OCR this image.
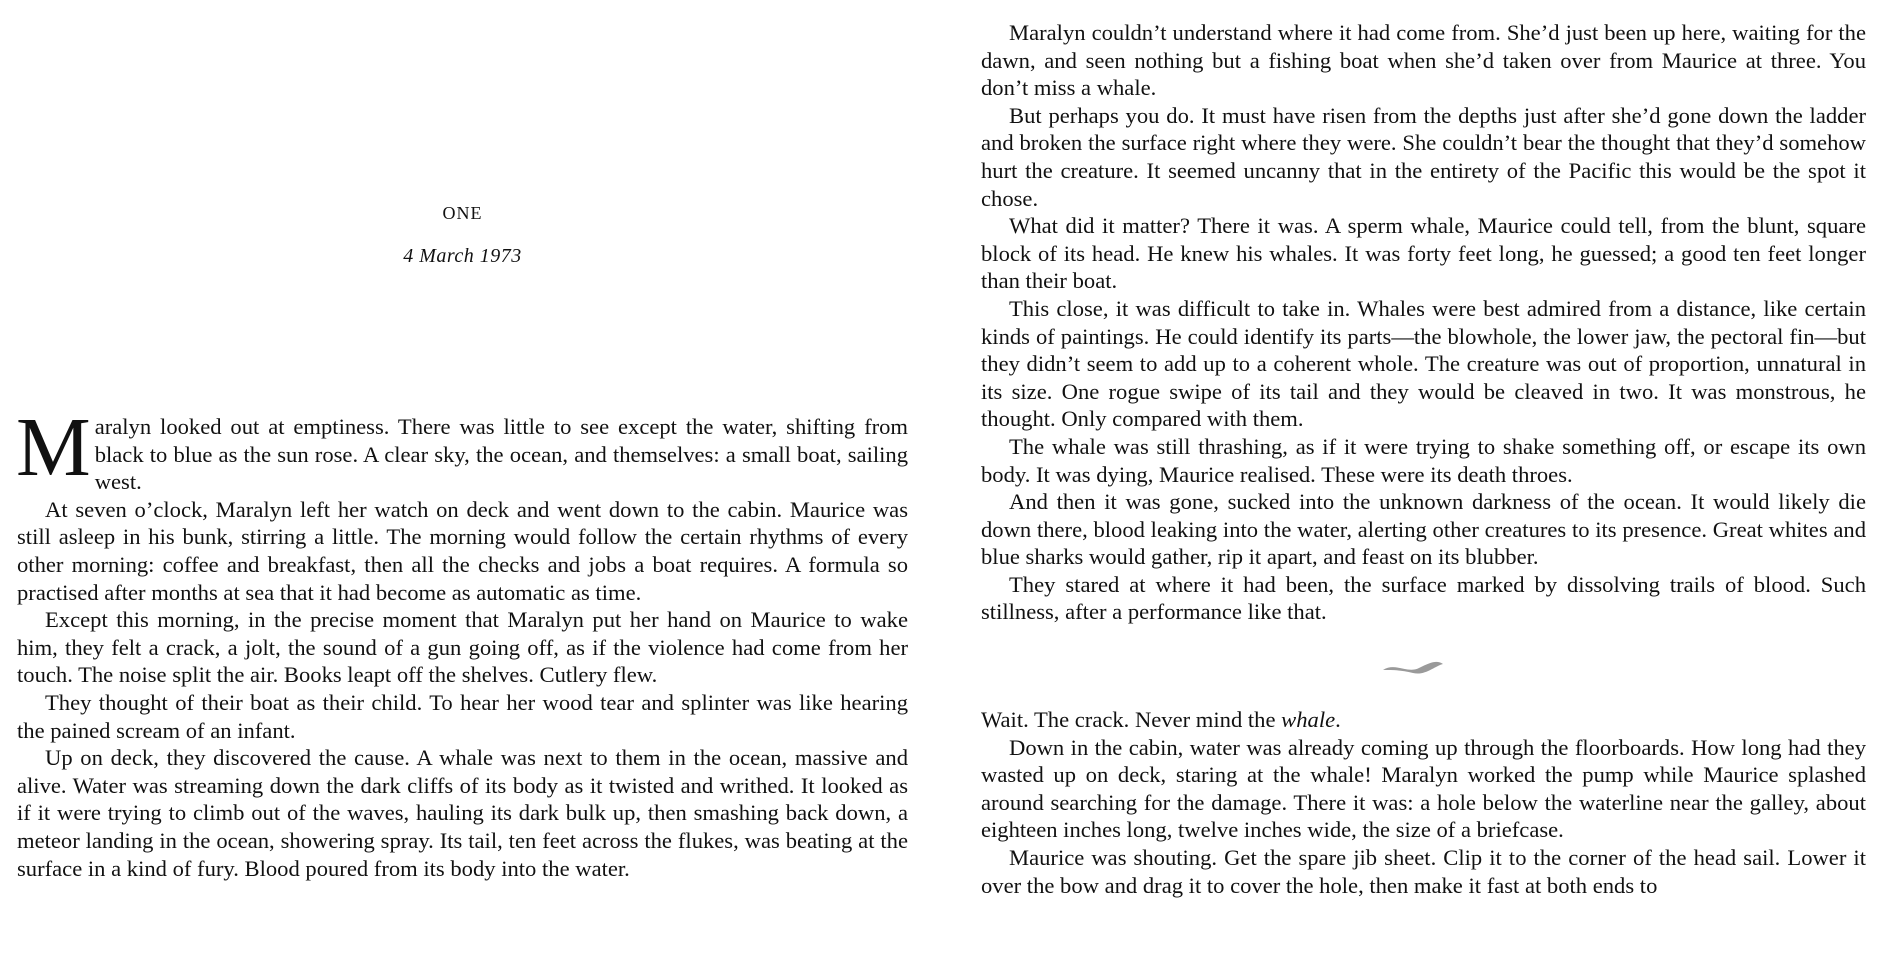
ONE
4 March 1973

Maralyn looked out at emptiness. There was little to see except the water, shifting from black to blue as the sun rose. A clear sky, the ocean, and themselves: a small boat, sailing west.

At seven o’clock, Maralyn left her watch on deck and went down to the cabin. Maurice was still asleep in his bunk, stirring a little. The morning would follow the certain rhythms of every other morning: coffee and breakfast, then all the checks and jobs a boat requires. A formula so practised after months at sea that it had become as automatic as time.

Except this morning, in the precise moment that Maralyn put her hand on Maurice to wake him, they felt a crack, a jolt, the sound of a gun going off, as if the violence had come from her touch. The noise split the air. Books leapt off the shelves. Cutlery flew.

They thought of their boat as their child. To hear her wood tear and splinter was like hearing the pained scream of an infant.

Up on deck, they discovered the cause. A whale was next to them in the ocean, massive and alive. Water was streaming down the dark cliffs of its body as it twisted and writhed. It looked as if it were trying to climb out of the waves, hauling its dark bulk up, then smashing back down, a meteor landing in the ocean, showering spray. Its tail, ten feet across the flukes, was beating at the surface in a kind of fury. Blood poured from its body into the water.

Maralyn couldn’t understand where it had come from. She’d just been up here, waiting for the dawn, and seen nothing but a fishing boat when she’d taken over from Maurice at three. You don’t miss a whale.

But perhaps you do. It must have risen from the depths just after she’d gone down the ladder and broken the surface right where they were. She couldn’t bear the thought that they’d somehow hurt the creature. It seemed uncanny that in the entirety of the Pacific this would be the spot it chose.

What did it matter? There it was. A sperm whale, Maurice could tell, from the blunt, square block of its head. He knew his whales. It was forty feet long, he guessed; a good ten feet longer than their boat.

This close, it was difficult to take in. Whales were best admired from a distance, like certain kinds of paintings. He could identify its parts—the blowhole, the lower jaw, the pectoral fin—but they didn’t seem to add up to a coherent whole. The creature was out of proportion, unnatural in its size. One rogue swipe of its tail and they would be cleaved in two. It was monstrous, he thought. Only compared with them.

The whale was still thrashing, as if it were trying to shake something off, or escape its own body. It was dying, Maurice realised. These were its death throes.

And then it was gone, sucked into the unknown darkness of the ocean. It would likely die down there, blood leaking into the water, alerting other creatures to its presence. Great whites and blue sharks would gather, rip it apart, and feast on its blubber.

They stared at where it had been, the surface marked by dissolving trails of blood. Such stillness, after a performance like that.

Wait. The crack. Never mind the whale.

Down in the cabin, water was already coming up through the floorboards. How long had they wasted up on deck, staring at the whale! Maralyn worked the pump while Maurice splashed around searching for the damage. There it was: a hole below the waterline near the galley, about eighteen inches long, twelve inches wide, the size of a briefcase.

Maurice was shouting. Get the spare jib sheet. Clip it to the corner of the head sail. Lower it over the bow and drag it to cover the hole, then make it fast at both ends to
